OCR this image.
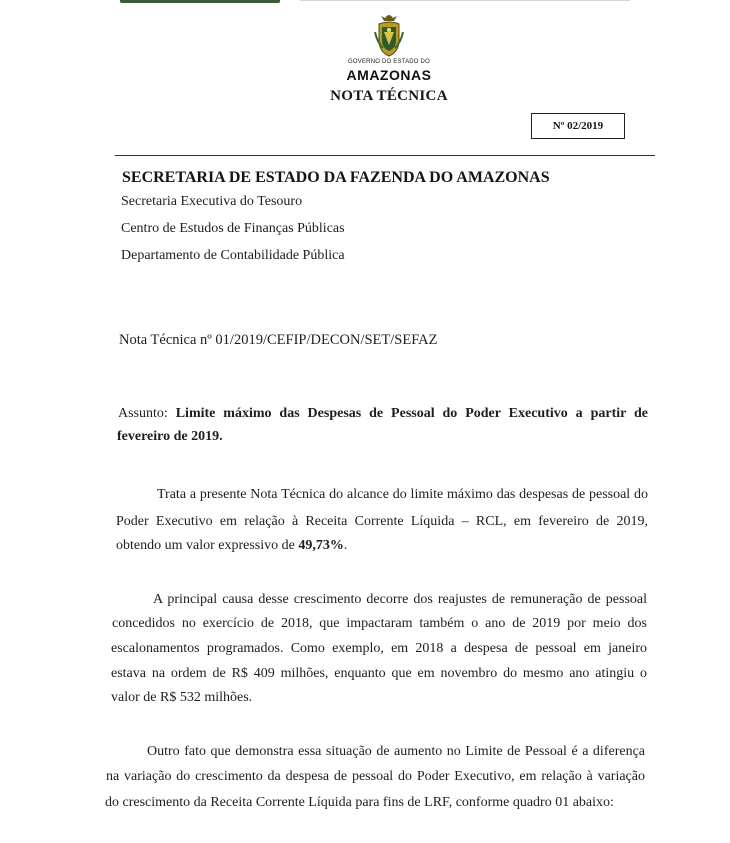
GOVERNO DO ESTADO DO
AMAZONAS
NOTA TÉCNICA
Nº 02/2019
SECRETARIA DE ESTADO DA FAZENDA DO AMAZONAS
Secretaria Executiva do Tesouro
Centro de Estudos de Finanças Públicas
Departamento de Contabilidade Pública
Nota Técnica nº 01/2019/CEFIP/DECON/SET/SEFAZ
Assunto: Limite máximo das Despesas de Pessoal do Poder Executivo a partir de
fevereiro de 2019.
Trata a presente Nota Técnica do alcance do limite máximo das despesas de pessoal do
Poder Executivo em relação à Receita Corrente Líquida – RCL, em fevereiro de 2019,
obtendo um valor expressivo de 49,73%.
A principal causa desse crescimento decorre dos reajustes de remuneração de pessoal
concedidos no exercício de 2018, que impactaram também o ano de 2019 por meio dos
escalonamentos programados. Como exemplo, em 2018 a despesa de pessoal em janeiro
estava na ordem de R$ 409 milhões, enquanto que em novembro do mesmo ano atingiu o
valor de R$ 532 milhões.
Outro fato que demonstra essa situação de aumento no Limite de Pessoal é a diferença
na variação do crescimento da despesa de pessoal do Poder Executivo, em relação à variação
do crescimento da Receita Corrente Líquida para fins de LRF, conforme quadro 01 abaixo:
